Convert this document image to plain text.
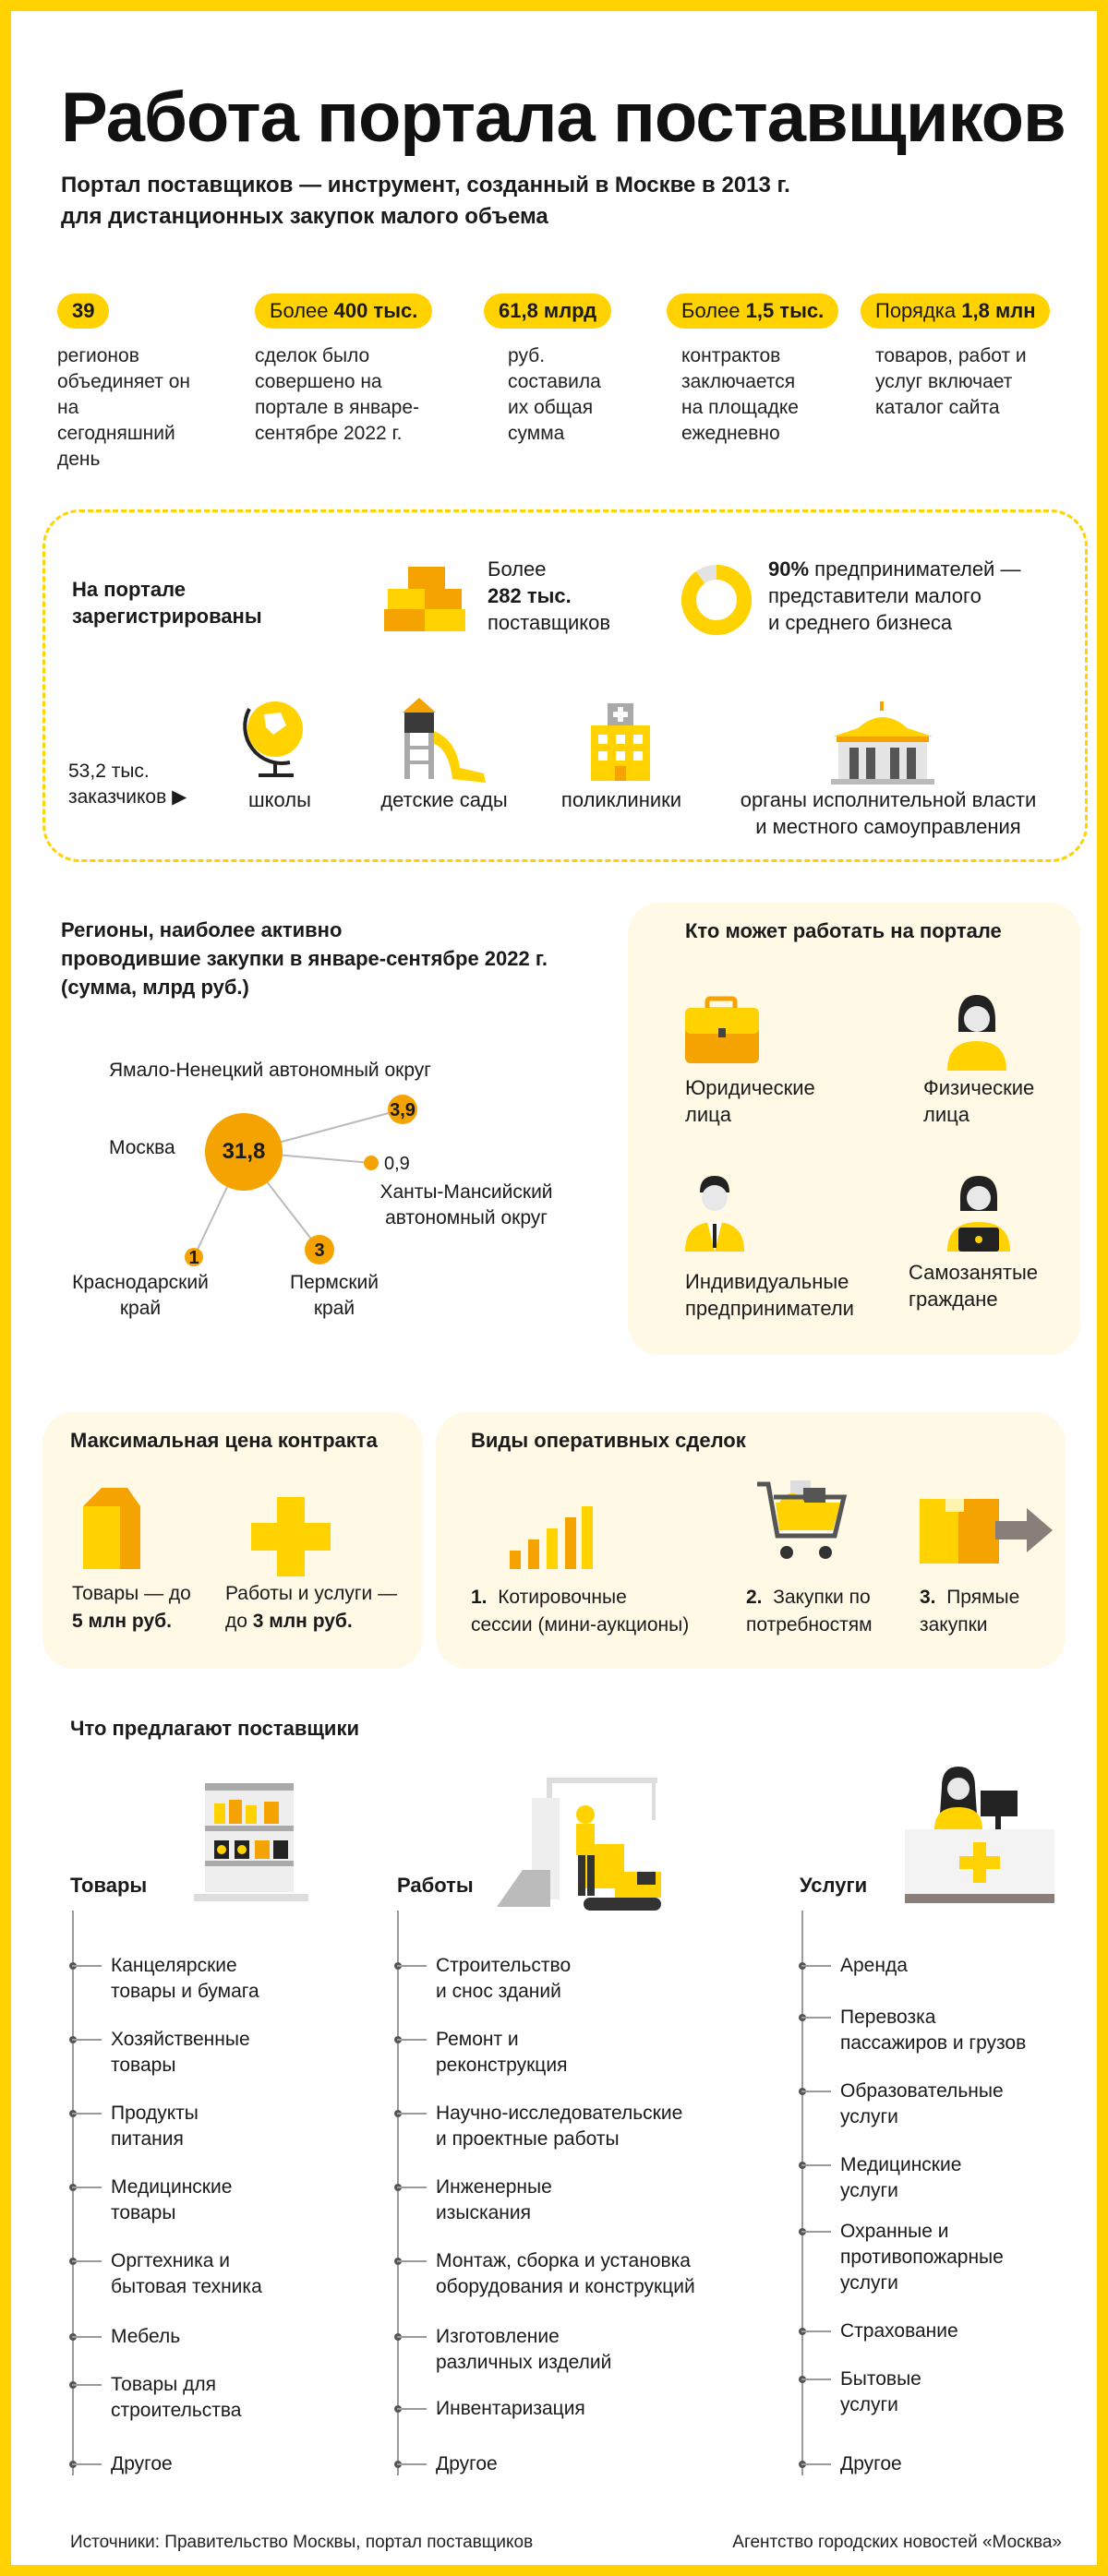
Работа портала поставщиков
Портал поставщиков — инструмент, созданный в Москве в 2013 г.
для дистанционных закупок малого объема
39
регионов объединяет он на сегодняшний день
Более 400 тыс.
сделок было совершено на портале в январе-сентябре 2022 г.
61,8 млрд
руб. составила их общая сумма
Более 1,5 тыс.
контрактов заключается на площадке ежедневно
Порядка 1,8 млн
товаров, работ и услуг включает каталог сайта
На портале
зарегистрированы
Более
282 тыс.
поставщиков
90% предпринимателей —
представители малого
и среднего бизнеса
53,2 тыс.
заказчиков ▶	школы	детские сады	поликлиники	органы исполнительной власти
и местного самоуправления
Регионы, наиболее активно
проводившие закупки в январе-сентябре 2022 г.
(сумма, млрд руб.)
31,8
3,9
0,9
3
1
Москва
Ямало-Ненецкий автономный округ
Ханты-Мансийский
автономный округ
Пермский
край
Краснодарский
край
Кто может работать на портале
Юридические
лица
Физические
лица
Индивидуальные
предприниматели
Самозанятые
граждане
Максимальная цена контракта
Товары — до
5 млн руб.
Работы и услуги —
до 3 млн руб.
Виды оперативных сделок
1. Котировочные
сессии (мини-аукционы)
2. Закупки по
потребностям
3. Прямые
закупки
Что предлагают поставщики
Товары
Канцелярские
товары и бумага
Хозяйственные
товары
Продукты
питания
Медицинские
товары
Оргтехника и
бытовая техника
Мебель
Товары для
строительства
Другое
Работы
Строительство
и снос зданий
Ремонт и
реконструкция
Научно-исследовательские
и проектные работы
Инженерные
изыскания
Монтаж, сборка и установка
оборудования и конструкций
Изготовление
различных изделий
Инвентаризация
Другое
Услуги
Аренда
Перевозка
пассажиров и грузов
Образовательные
услуги
Медицинские
услуги
Охранные и
противопожарные
услуги
Страхование
Бытовые
услуги
Другое
Источники: Правительство Москвы, портал поставщиков	Агентство городских новостей «Москва»
